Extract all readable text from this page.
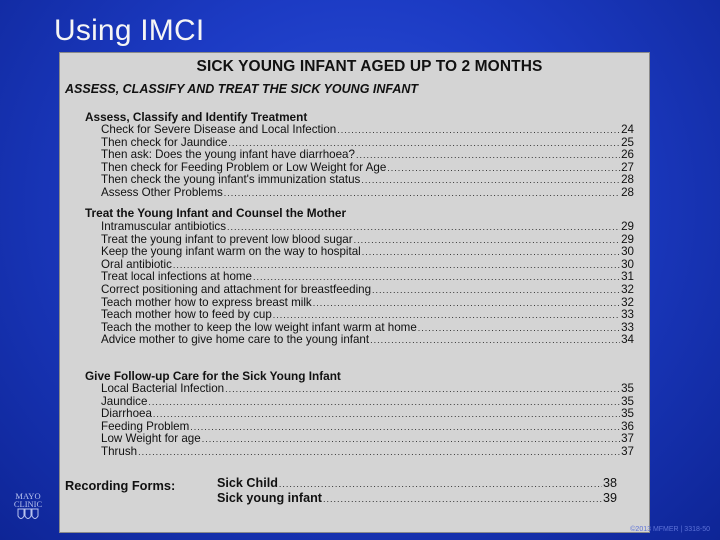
Using IMCI
SICK YOUNG INFANT AGED UP TO 2 MONTHS
ASSESS, CLASSIFY AND TREAT THE SICK YOUNG INFANT
Assess, Classify and Identify Treatment
Check for Severe Disease and Local Infection .....	24
Then check for Jaundice .....	25
Then ask: Does the young infant have diarrhoea? .....	26
Then check for Feeding Problem or Low Weight for Age .....	27
Then check the young infant's immunization status .....	28
Assess Other Problems .....	28
Treat the Young Infant and Counsel the Mother
Intramuscular antibiotics .....	29
Treat the young infant to prevent low blood sugar .....	29
Keep the young infant warm on the way to hospital .....	30
Oral antibiotic .....	30
Treat local infections at home .....	31
Correct positioning and attachment for breastfeeding .....	32
Teach mother how to express breast milk .....	32
Teach mother how to feed by cup .....	33
Teach the mother to keep the low weight infant warm at home .....	33
Advice mother to give home care to the young infant .....	34
Give Follow-up Care for the Sick Young Infant
Local Bacterial Infection .....	35
Jaundice .....	35
Diarrhoea .....	35
Feeding Problem .....	36
Low Weight for age .....	37
Thrush .....	37
Recording Forms:	Sick Child .....	38
Sick young infant .....	39
MAYO
CLINIC
©2013 MFMER | 3318-50
